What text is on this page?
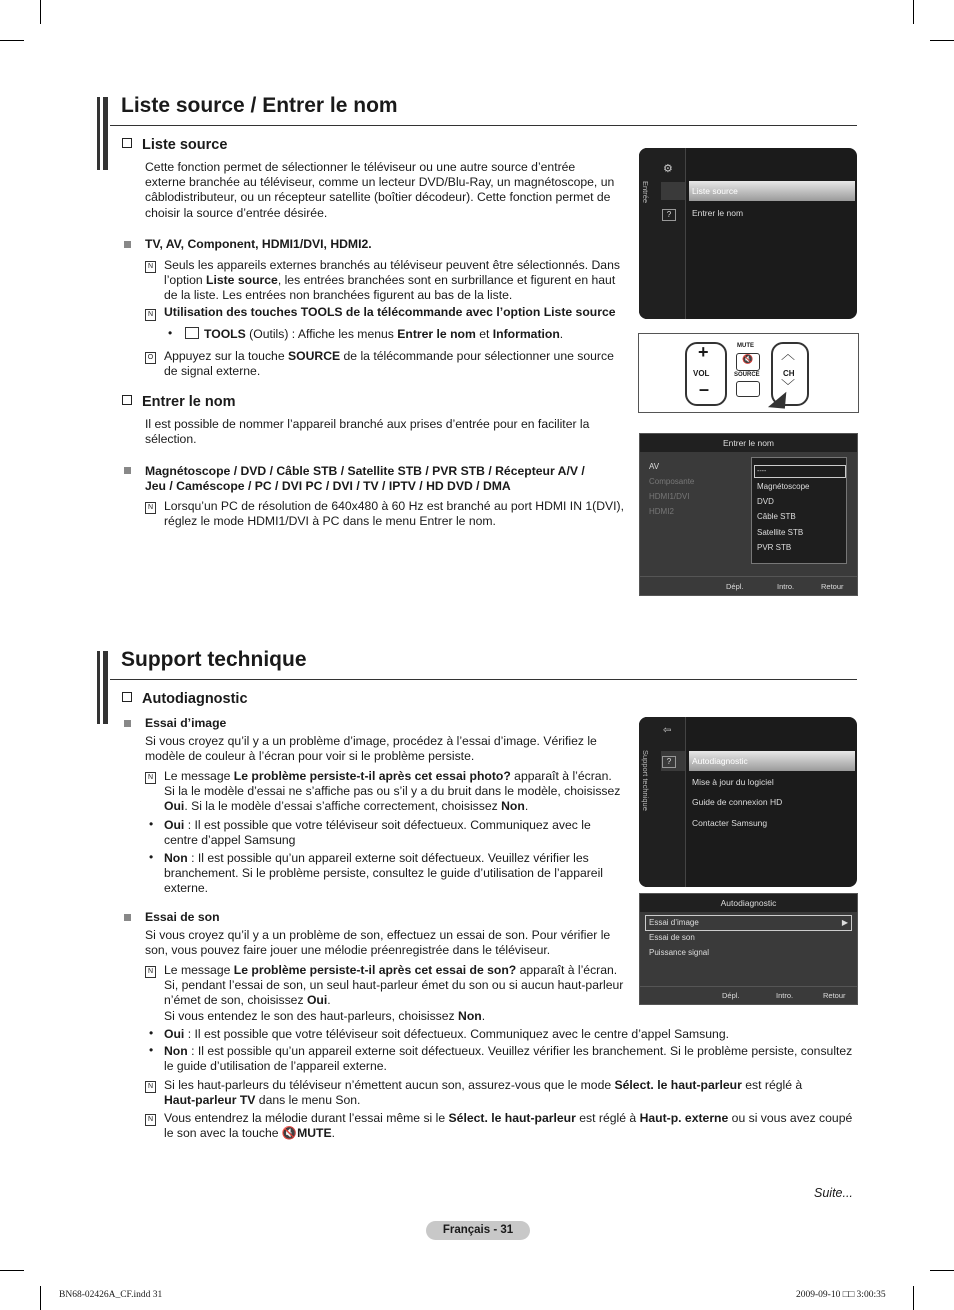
Liste source / Entrer le nom
Liste source
Cette fonction permet de sélectionner le téléviseur ou une autre source d’entrée
externe branchée au téléviseur, comme un lecteur DVD/Blu-Ray, un magnétoscope, un
câblodistributeur, ou un récepteur satellite (boîtier décodeur). Cette fonction permet de
choisir la source d’entrée désirée.
TV, AV, Component, HDMI1/DVI, HDMI2.
N Seuls les appareils externes branchés au téléviseur peuvent être sélectionnés. Dans
l’option Liste source, les entrées branchées sont en surbrillance et figurent en haut
de la liste. Les entrées non branchées figurent au bas de la liste.
N Utilisation des touches TOOLS de la télécommande avec l’option Liste source
•	TOOLS (Outils) : Affiche les menus Entrer le nom et Information.
O Appuyez sur la touche SOURCE de la télécommande pour sélectionner une source
de signal externe.
Entrer le nom
Il est possible de nommer l’appareil branché aux prises d’entrée pour en faciliter la
sélection.
Magnétoscope / DVD / Câble STB / Satellite STB / PVR STB / Récepteur A/V /
Jeu / Caméscope / PC / DVI PC / DVI / TV / IPTV / HD DVD / DMA
N Lorsqu’un PC de résolution de 640x480 à 60 Hz est branché au port HDMI IN 1(DVI),
réglez le mode HDMI1/DVI à PC dans le menu Entrer le nom.
Entrée
⚙
?
Liste source
Entrer le nom
+
VOL
–
MUTE
🔇
SOURCE
︿
CH
﹀
Entrer le nom
AV
Composante
HDMI1/DVI
HDMI2
----
Magnétoscope
DVD
Câble STB
Satellite STB
PVR STB
Dépl.	Intro.	Retour
Support technique
Autodiagnostic
Essai d’image
Si vous croyez qu’il y a un problème d’image, procédez à l’essai d’image. Vérifiez le
modèle de couleur à l’écran pour voir si le problème persiste.
N Le message Le problème persiste-t-il après cet essai photo? apparaît à l’écran.
Si la le modèle d’essai ne s’affiche pas ou s’il y a du bruit dans le modèle, choisissez
Oui. Si la le modèle d’essai s’affiche correctement, choisissez Non.
• Oui : Il est possible que votre téléviseur soit défectueux. Communiquez avec le
centre d’appel Samsung
• Non : Il est possible qu’un appareil externe soit défectueux. Veuillez vérifier les
branchement. Si le problème persiste, consultez le guide d’utilisation de l’appareil
externe.
Essai de son
Si vous croyez qu’il y a un problème de son, effectuez un essai de son. Pour vérifier le
son, vous pouvez faire jouer une mélodie préenregistrée dans le téléviseur.
N Le message Le problème persiste-t-il après cet essai de son? apparaît à l’écran.
Si, pendant l’essai de son, un seul haut-parleur émet du son ou si aucun haut-parleur
n’émet de son, choisissez Oui.
Si vous entendez le son des haut-parleurs, choisissez Non.
• Oui : Il est possible que votre téléviseur soit défectueux. Communiquez avec le centre d’appel Samsung.
• Non : Il est possible qu’un appareil externe soit défectueux. Veuillez vérifier les branchement. Si le problème persiste, consultez
le guide d’utilisation de l’appareil externe.
N Si les haut-parleurs du téléviseur n’émettent aucun son, assurez-vous que le mode Sélect. le haut-parleur est réglé à
Haut-parleur TV dans le menu Son.
N Vous entendrez la mélodie durant l’essai même si le Sélect. le haut-parleur est réglé à Haut-p. externe ou si vous avez coupé
le son avec la touche 🔇MUTE.
Support technique
⇦
?	Autodiagnostic
Mise à jour du logiciel
Guide de connexion HD
Contacter Samsung
Autodiagnostic
Essai d’image	▶
Essai de son
Puissance signal
Dépl.	Intro.	Retour
Suite...
Français - 31
BN68-02426A_CF.indd 31	2009-09-10 □□ 3:00:35
